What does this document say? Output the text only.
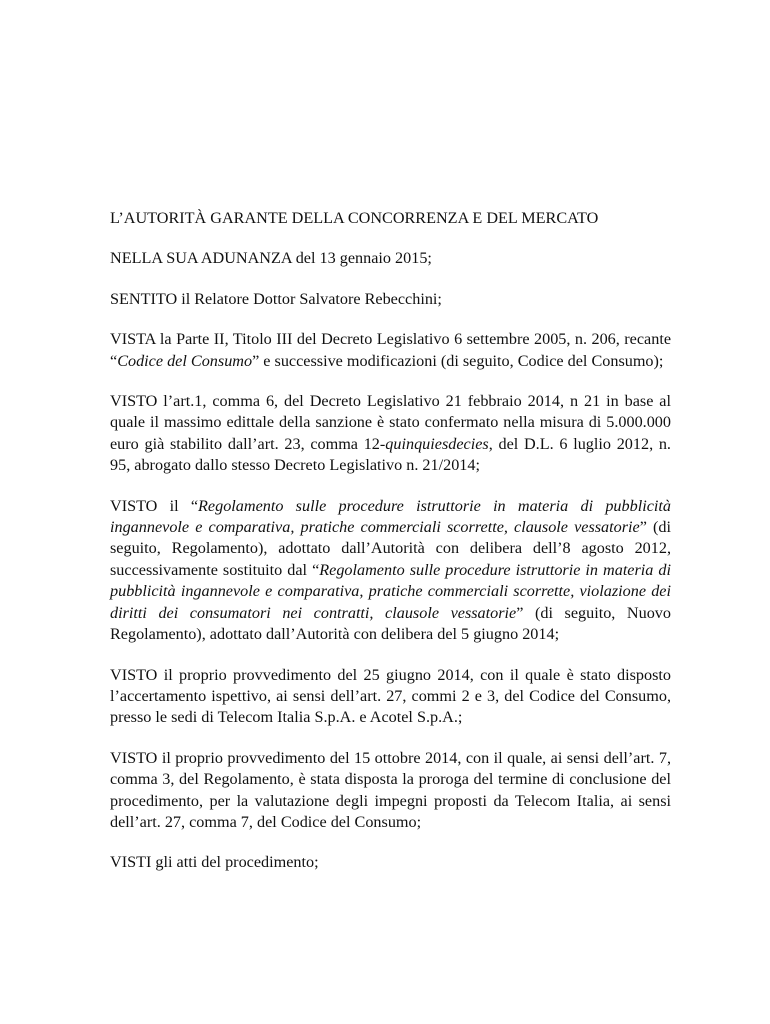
L’AUTORITÀ GARANTE DELLA CONCORRENZA E DEL MERCATO

NELLA SUA ADUNANZA del 13 gennaio 2015;

SENTITO il Relatore Dottor Salvatore Rebecchini;

VISTA la Parte II, Titolo III del Decreto Legislativo 6 settembre 2005, n. 206, recante “Codice del Consumo” e successive modificazioni (di seguito, Codice del Consumo);

VISTO l’art.1, comma 6, del Decreto Legislativo 21 febbraio 2014, n 21 in base al quale il massimo edittale della sanzione è stato confermato nella misura di 5.000.000 euro già stabilito dall’art. 23, comma 12-quinquiesdecies, del D.L. 6 luglio 2012, n. 95, abrogato dallo stesso Decreto Legislativo n. 21/2014;

VISTO il “Regolamento sulle procedure istruttorie in materia di pubblicità ingannevole e comparativa, pratiche commerciali scorrette, clausole vessatorie” (di seguito, Regolamento), adottato dall’Autorità con delibera dell’8 agosto 2012, successivamente sostituito dal “Regolamento sulle procedure istruttorie in materia di pubblicità ingannevole e comparativa, pratiche commerciali scorrette, violazione dei diritti dei consumatori nei contratti, clausole vessatorie” (di seguito, Nuovo Regolamento), adottato dall’Autorità con delibera del 5 giugno 2014;

VISTO il proprio provvedimento del 25 giugno 2014, con il quale è stato disposto l’accertamento ispettivo, ai sensi dell’art. 27, commi 2 e 3, del Codice del Consumo, presso le sedi di Telecom Italia S.p.A. e Acotel S.p.A.;

VISTO il proprio provvedimento del 15 ottobre 2014, con il quale, ai sensi dell’art. 7, comma 3, del Regolamento, è stata disposta la proroga del termine di conclusione del procedimento, per la valutazione degli impegni proposti da Telecom Italia, ai sensi dell’art. 27, comma 7, del Codice del Consumo;

VISTI gli atti del procedimento;
